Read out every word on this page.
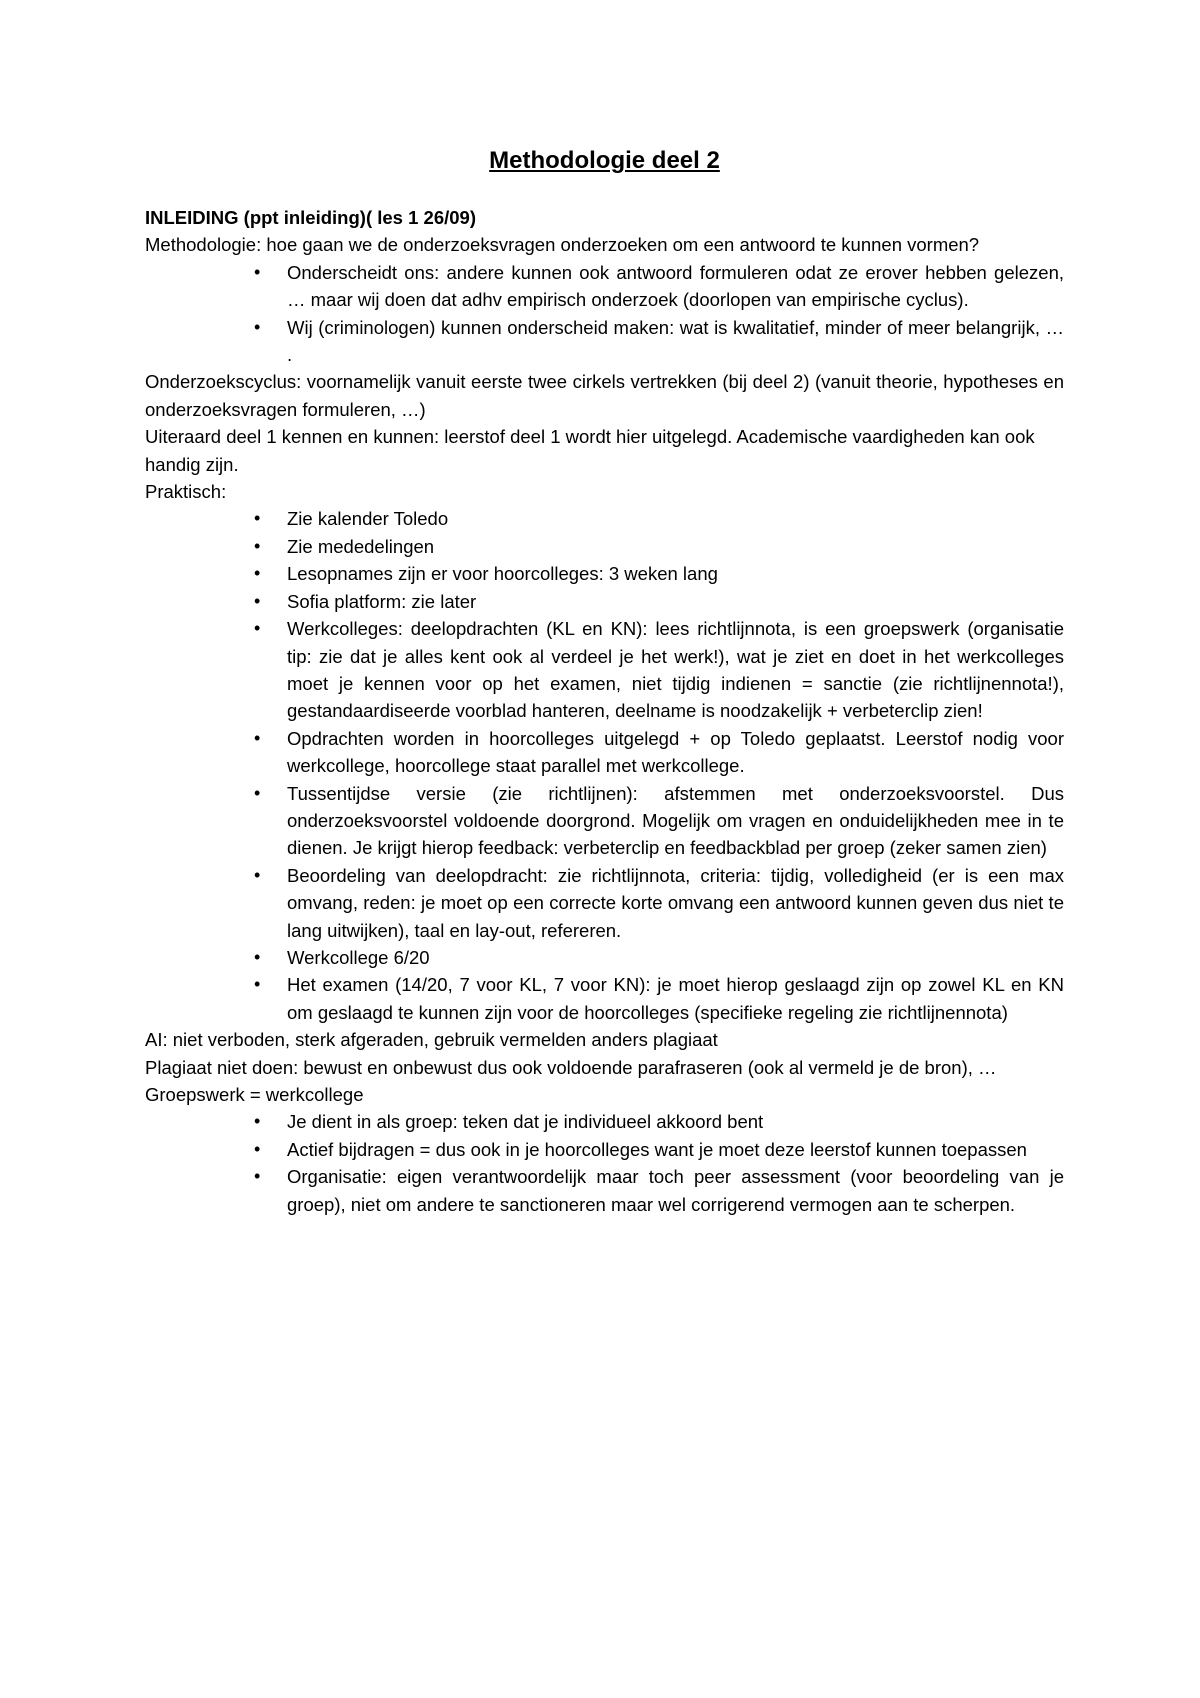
Methodologie deel 2

INLEIDING (ppt inleiding)( les 1 26/09)

Methodologie: hoe gaan we de onderzoeksvragen onderzoeken om een antwoord te kunnen vormen?

• Onderscheidt ons: andere kunnen ook antwoord formuleren odat ze erover hebben gelezen, … maar wij doen dat adhv empirisch onderzoek (doorlopen van empirische cyclus).
• Wij (criminologen) kunnen onderscheid maken: wat is kwalitatief, minder of meer belangrijk, … .

Onderzoekscyclus: voornamelijk vanuit eerste twee cirkels vertrekken (bij deel 2) (vanuit theorie, hypotheses en onderzoeksvragen formuleren, …)

Uiteraard deel 1 kennen en kunnen: leerstof deel 1 wordt hier uitgelegd. Academische vaardigheden kan ook handig zijn.

Praktisch:

• Zie kalender Toledo
• Zie mededelingen
• Lesopnames zijn er voor hoorcolleges: 3 weken lang
• Sofia platform: zie later
• Werkcolleges: deelopdrachten (KL en KN): lees richtlijnnota, is een groepswerk (organisatie tip: zie dat je alles kent ook al verdeel je het werk!), wat je ziet en doet in het werkcolleges moet je kennen voor op het examen, niet tijdig indienen = sanctie (zie richtlijnennota!), gestandaardiseerde voorblad hanteren, deelname is noodzakelijk + verbeterclip zien!
• Opdrachten worden in hoorcolleges uitgelegd + op Toledo geplaatst. Leerstof nodig voor werkcollege, hoorcollege staat parallel met werkcollege.
• Tussentijdse versie (zie richtlijnen): afstemmen met onderzoeksvoorstel. Dus onderzoeksvoorstel voldoende doorgrond. Mogelijk om vragen en onduidelijkheden mee in te dienen. Je krijgt hierop feedback: verbeterclip en feedbackblad per groep (zeker samen zien)
• Beoordeling van deelopdracht: zie richtlijnnota, criteria: tijdig, volledigheid (er is een max omvang, reden: je moet op een correcte korte omvang een antwoord kunnen geven dus niet te lang uitwijken), taal en lay-out, refereren.
• Werkcollege 6/20
• Het examen (14/20, 7 voor KL, 7 voor KN): je moet hierop geslaagd zijn op zowel KL en KN om geslaagd te kunnen zijn voor de hoorcolleges (specifieke regeling zie richtlijnennota)

AI: niet verboden, sterk afgeraden, gebruik vermelden anders plagiaat

Plagiaat niet doen: bewust en onbewust dus ook voldoende parafraseren (ook al vermeld je de bron), …

Groepswerk = werkcollege

• Je dient in als groep: teken dat je individueel akkoord bent
• Actief bijdragen = dus ook in je hoorcolleges want je moet deze leerstof kunnen toepassen
• Organisatie: eigen verantwoordelijk maar toch peer assessment (voor beoordeling van je groep), niet om andere te sanctioneren maar wel corrigerend vermogen aan te scherpen.
